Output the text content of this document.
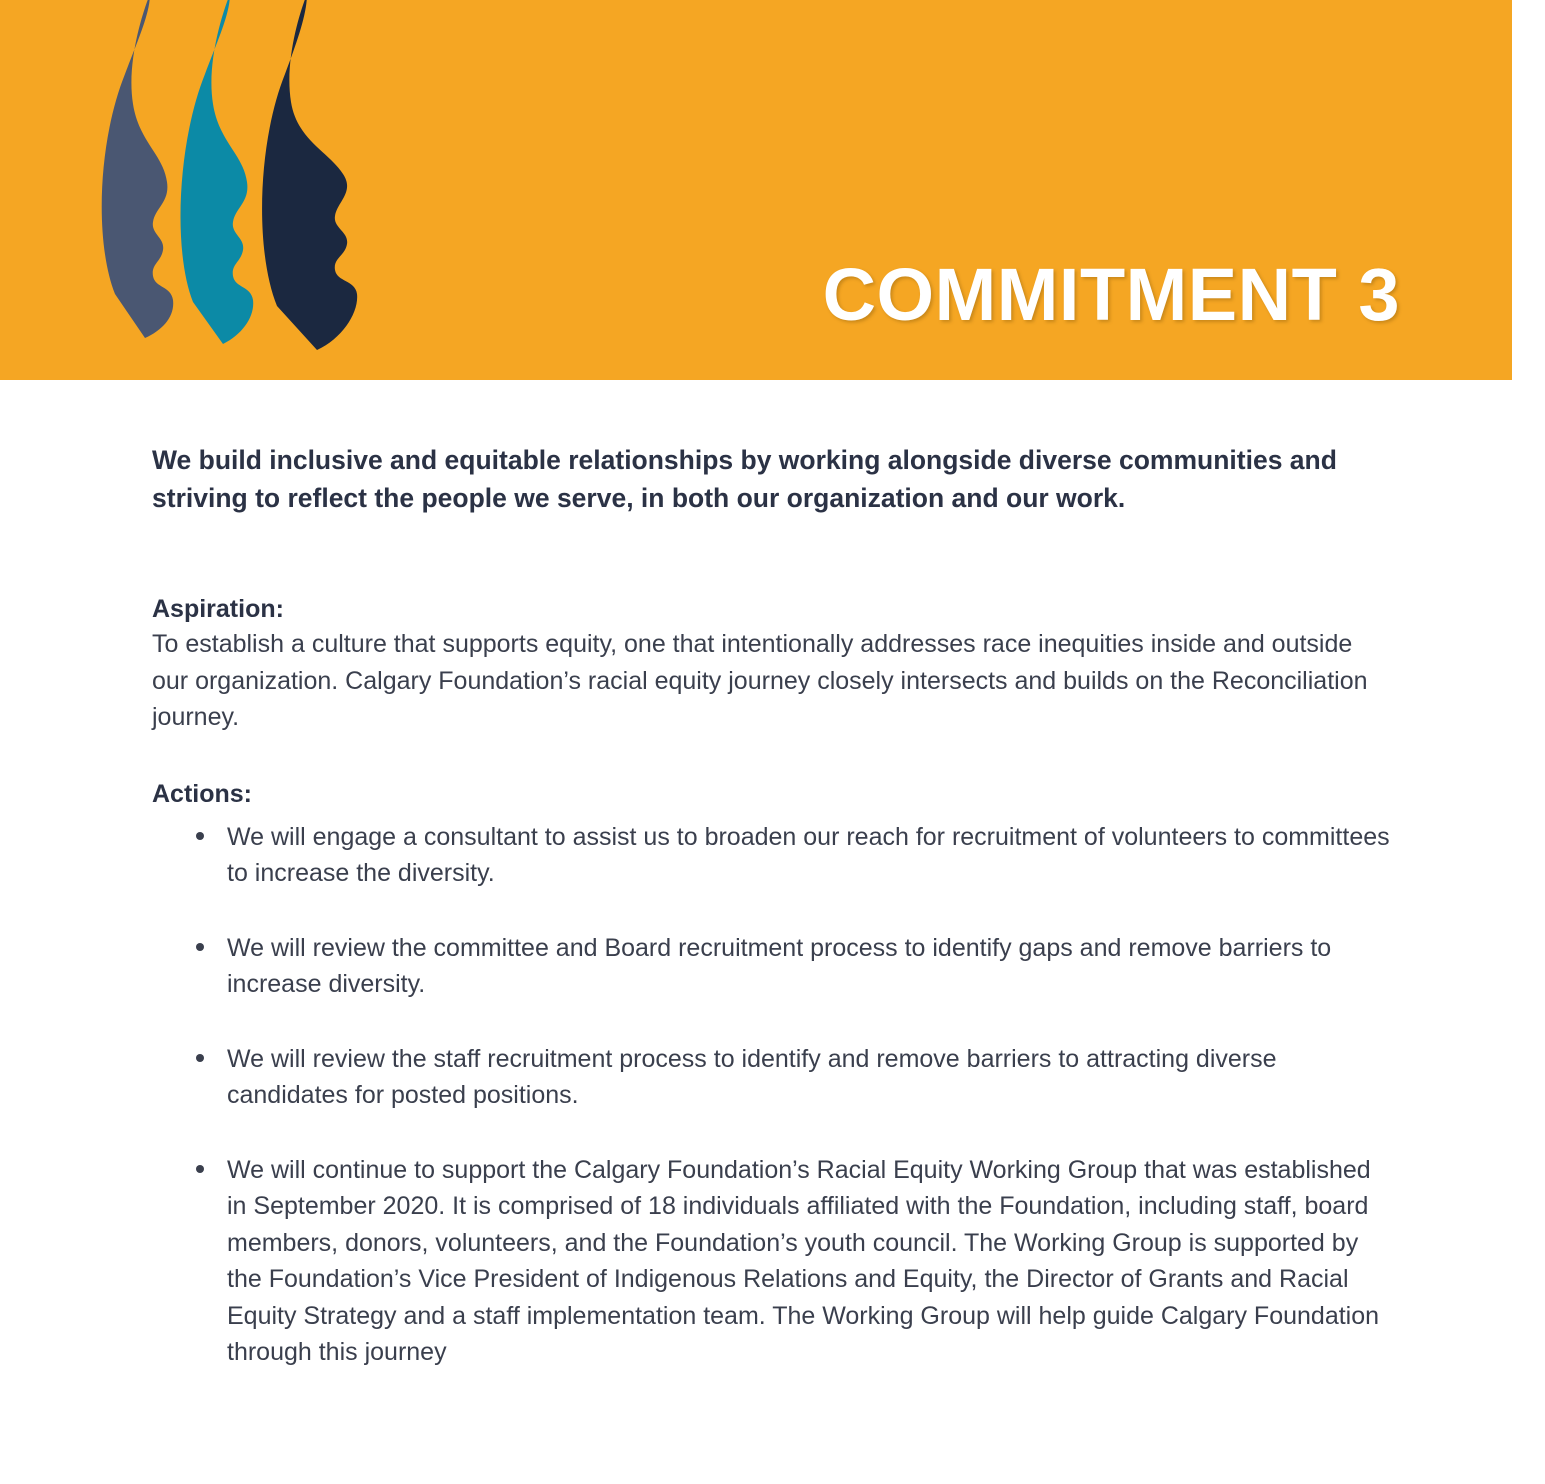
COMMITMENT 3

We build inclusive and equitable relationships by working alongside diverse communities and striving to reflect the people we serve, in both our organization and our work.

Aspiration:

To establish a culture that supports equity, one that intentionally addresses race inequities inside and outside our organization. Calgary Foundation’s racial equity journey closely intersects and builds on the Reconciliation journey.

Actions:

We will engage a consultant to assist us to broaden our reach for recruitment of volunteers to committees to increase the diversity.
We will review the committee and Board recruitment process to identify gaps and remove barriers to increase diversity.
We will review the staff recruitment process to identify and remove barriers to attracting diverse candidates for posted positions.
We will continue to support the Calgary Foundation’s Racial Equity Working Group that was established in September 2020. It is comprised of 18 individuals affiliated with the Foundation, including staff, board members, donors, volunteers, and the Foundation’s youth council. The Working Group is supported by the Foundation’s Vice President of Indigenous Relations and Equity, the Director of Grants and Racial Equity Strategy and a staff implementation team. The Working Group will help guide Calgary Foundation through this journey
